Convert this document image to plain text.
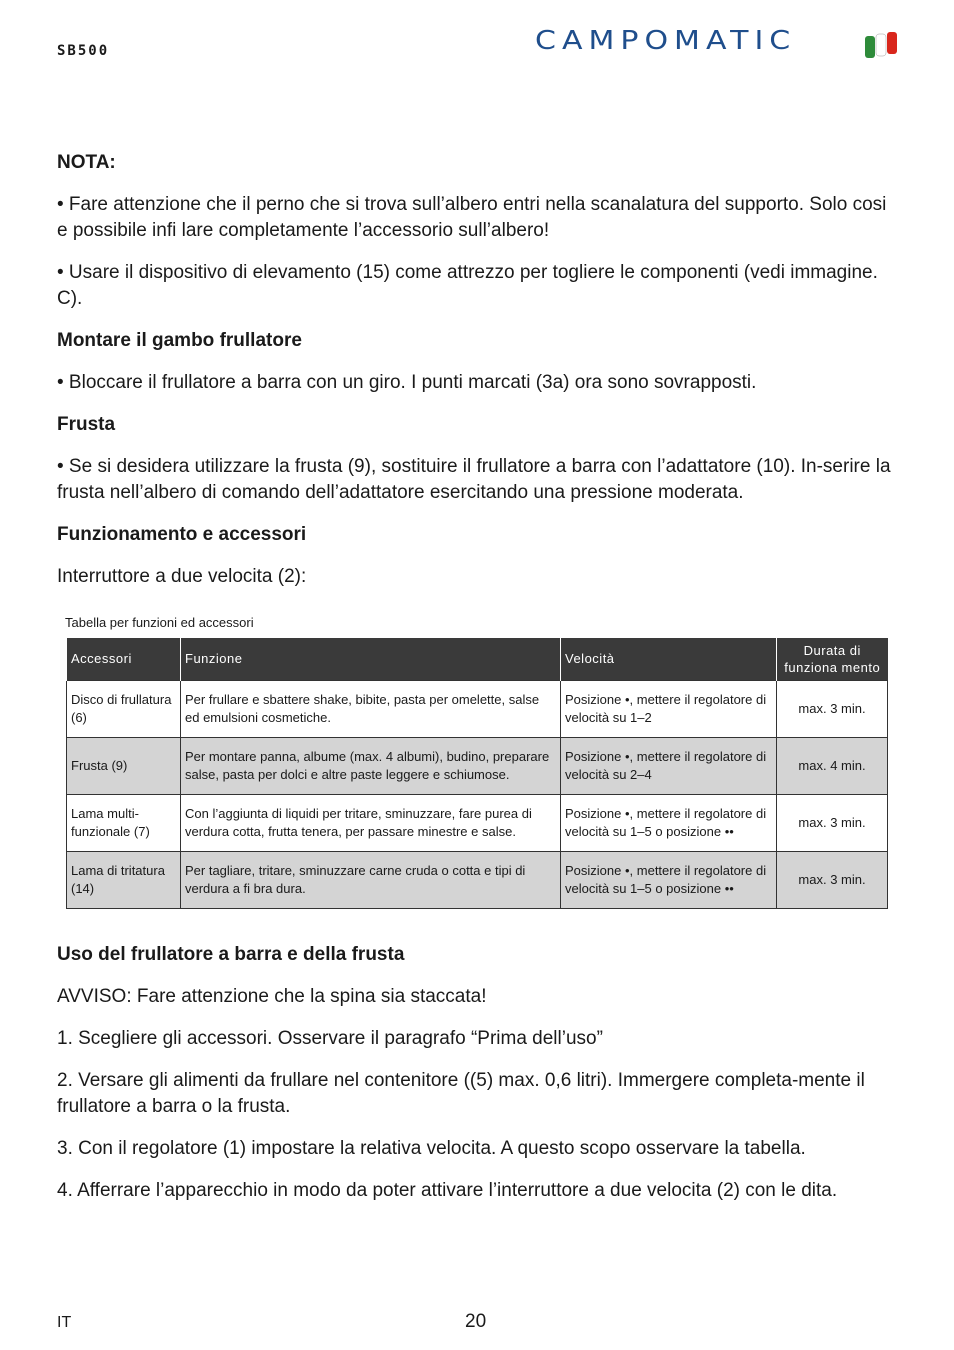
SB500	CAMPOMATIC

NOTA:

• Fare attenzione che il perno che si trova sull’albero entri nella scanalatura del supporto. Solo cosi e possibile infi lare completamente l’accessorio sull’albero!

• Usare il dispositivo di elevamento (15) come attrezzo per togliere le componenti (vedi immagine. C).

Montare il gambo frullatore

• Bloccare il frullatore a barra con un giro. I punti marcati (3a) ora sono sovrapposti.

Frusta

• Se si desidera utilizzare la frusta (9), sostituire il frullatore a barra con l’adattatore (10). In-serire la frusta nell’albero di comando dell’adattatore esercitando una pressione moderata.

Funzionamento e accessori

Interruttore a due velocita (2):

Tabella per funzioni ed accessori
Accessori	Funzione	Velocità	Durata di funziona mento
Disco di frullatura (6)	Per frullare e sbattere shake, bibite, pasta per omelette, salse ed emulsioni cosmetiche.	Posizione •, mettere il regolatore di velocità su 1–2	max. 3 min.
Frusta (9)	Per montare panna, albume (max. 4 albumi), budino, preparare salse, pasta per dolci e altre paste leggere e schiumose.	Posizione •, mettere il regolatore di velocità su 2–4	max. 4 min.
Lama multi-funzionale (7)	Con l’aggiunta di liquidi per tritare, sminuzzare, fare purea di verdura cotta, frutta tenera, per passare minestre e salse.	Posizione •, mettere il regolatore di velocità su 1–5 o posizione ••	max. 3 min.
Lama di tritatura (14)	Per tagliare, tritare, sminuzzare carne cruda o cotta e tipi di verdura a fi bra dura.	Posizione •, mettere il regolatore di velocità su 1–5 o posizione ••	max. 3 min.

Uso del frullatore a barra e della frusta

AVVISO: Fare attenzione che la spina sia staccata!

1. Scegliere gli accessori. Osservare il paragrafo “Prima dell’uso”

2. Versare gli alimenti da frullare nel contenitore ((5) max. 0,6 litri). Immergere completa-mente il frullatore a barra o la frusta.

3. Con il regolatore (1) impostare la relativa velocita. A questo scopo osservare la tabella.

4. Afferrare l’apparecchio in modo da poter attivare l’interruttore a due velocita (2) con le dita.

IT	20
